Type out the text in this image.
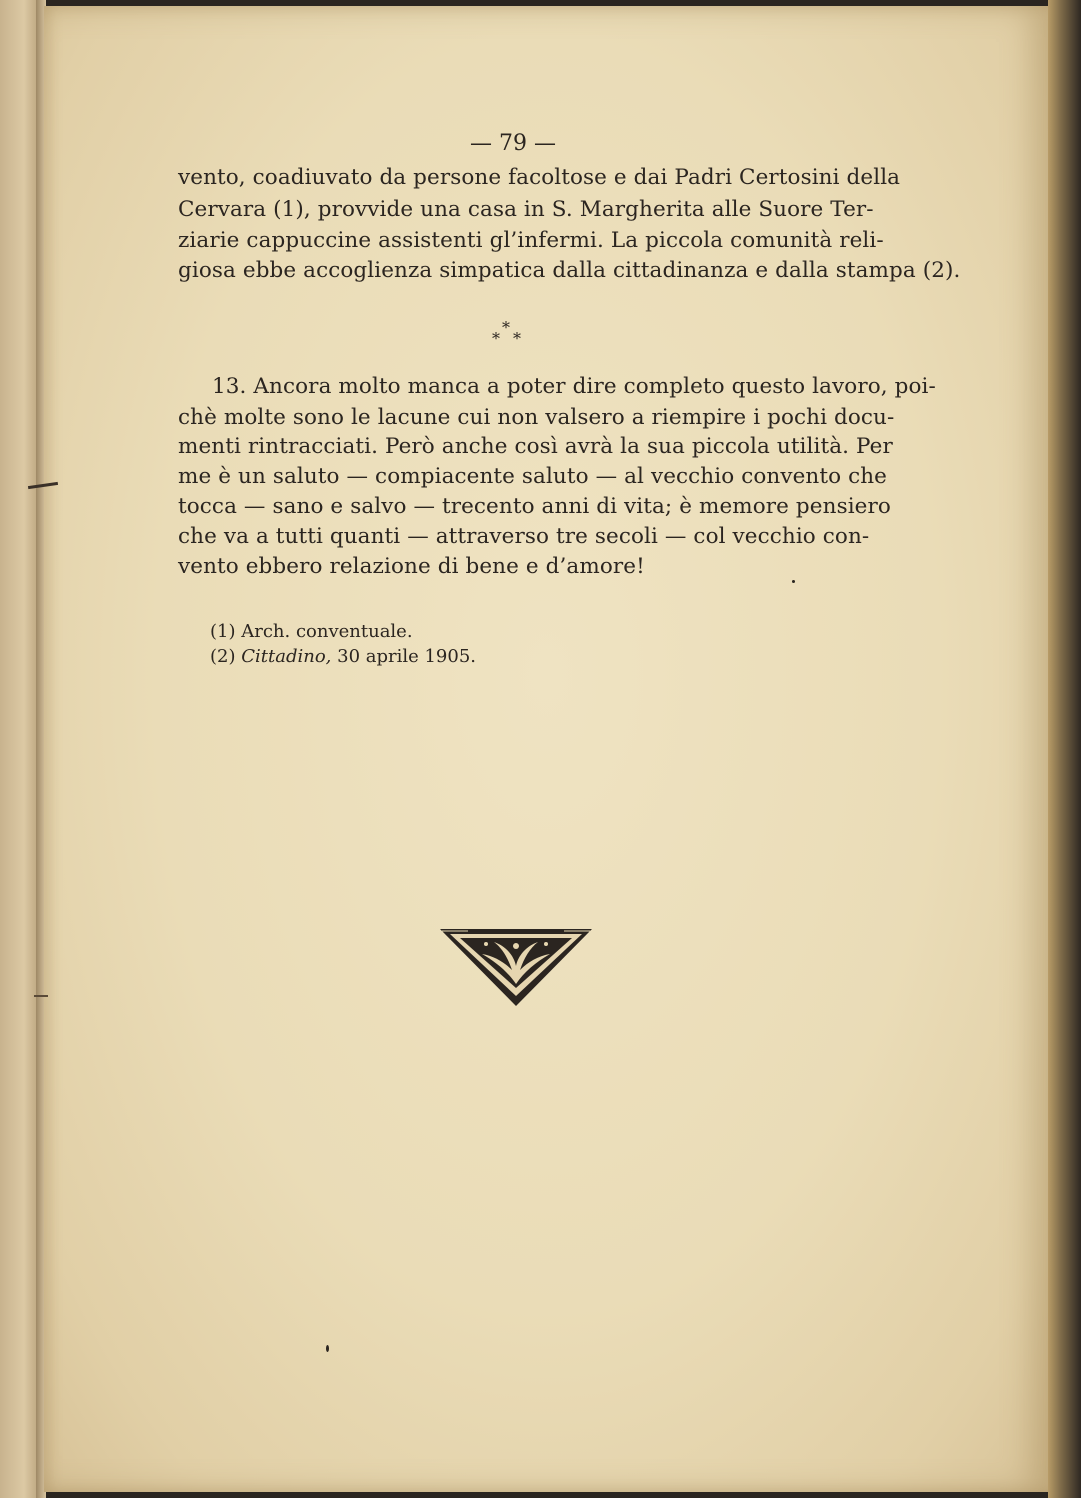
— 79 —

vento, coadiuvato da persone facoltose e dai Padri Certosini della

Cervara (1), provvide una casa in S. Margherita alle Suore Ter-

ziarie cappuccine assistenti gl’infermi. La piccola comunità reli-

giosa ebbe accoglienza simpatica dalla cittadinanza e dalla stampa (2).

*
* *

13. Ancora molto manca a poter dire completo questo lavoro, poi-

chè molte sono le lacune cui non valsero a riempire i pochi docu-

menti rintracciati. Però anche così avrà la sua piccola utilità. Per

me è un saluto — compiacente saluto — al vecchio convento che

tocca — sano e salvo — trecento anni di vita; è memore pensiero

che va a tutti quanti — attraverso tre secoli — col vecchio con-

vento ebbero relazione di bene e d’amore!

(1) Arch. conventuale.

(2) Cittadino, 30 aprile 1905.
